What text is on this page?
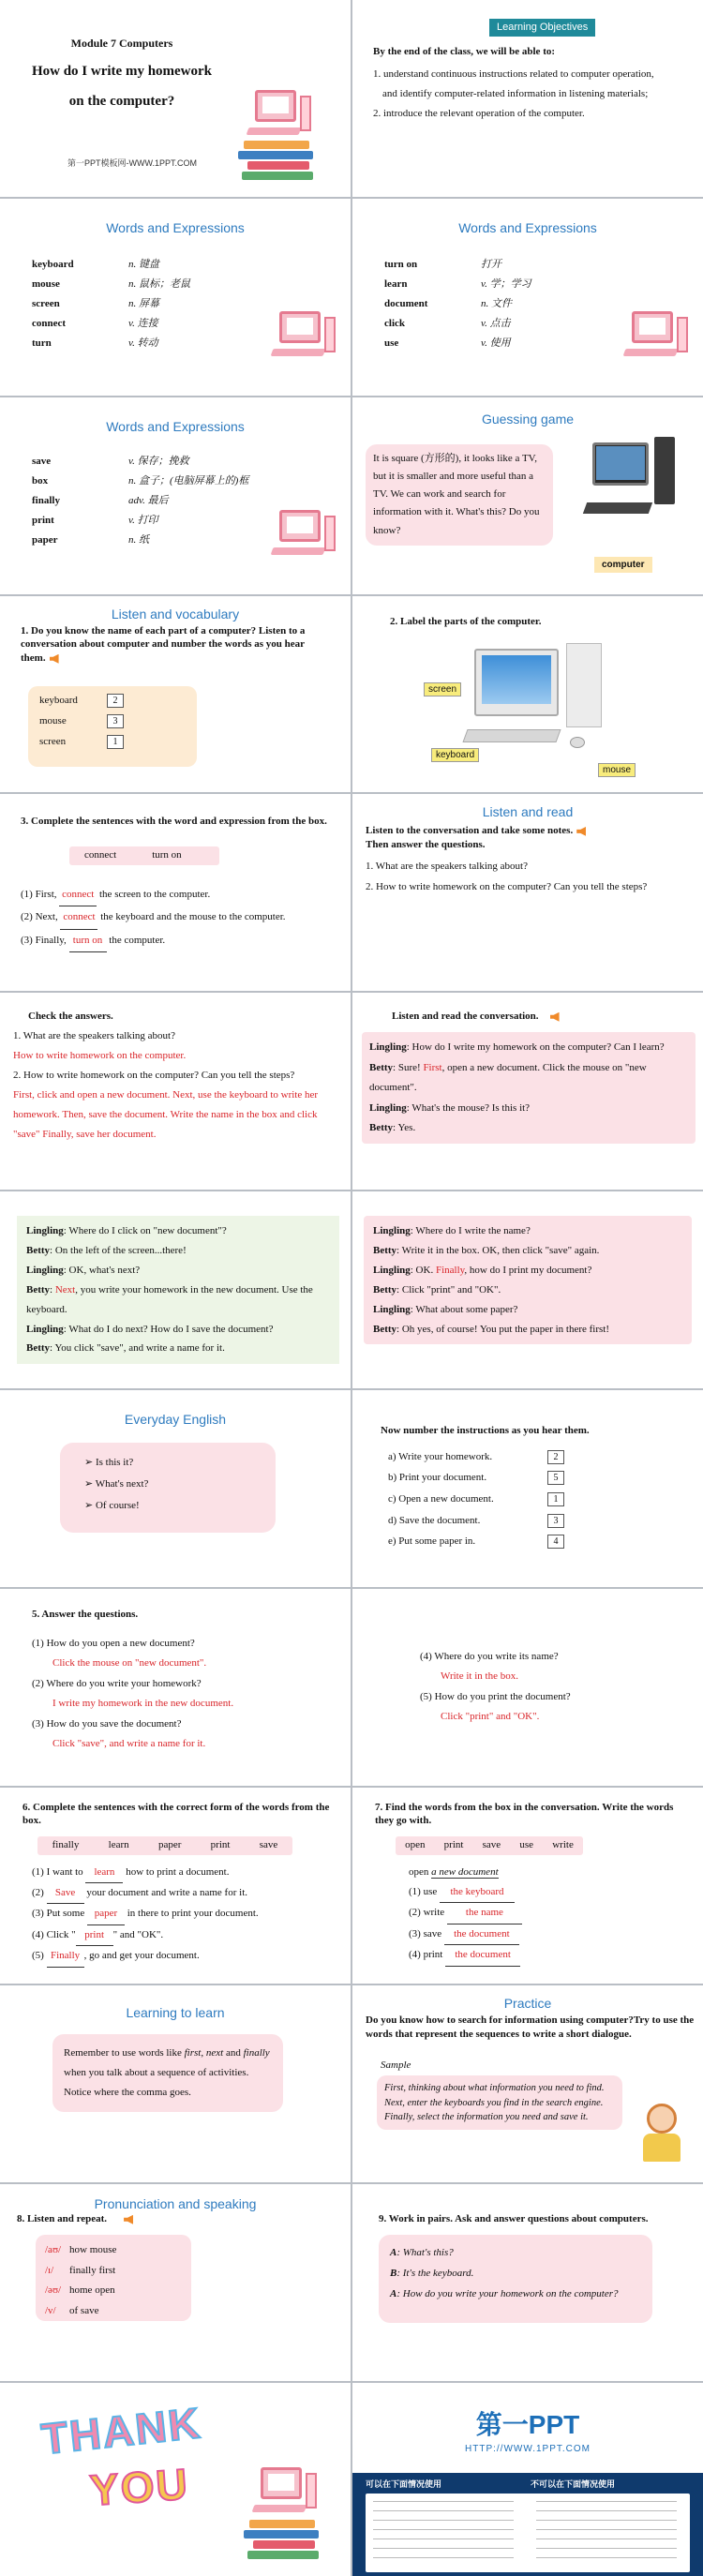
Module 7 Computers
How do I write my homework
on the computer?
第一PPT模板网-WWW.1PPT.COM
Learning Objectives
By the end of the class, we will be able to:
1. understand continuous instructions related to computer operation,
and identify computer-related information in listening materials;
2. introduce the relevant operation of the computer.
Words and Expressions
keyboard	n. 键盘
mouse	n. 鼠标；老鼠
screen	n. 屏幕
connect	v. 连接
turn	v. 转动
Words and Expressions
turn on	打开
learn	v. 学；学习
document	n. 文件
click	v. 点击
use	v. 使用
Words and Expressions
save	v. 保存；挽救
box	n. 盒子；(电脑屏幕上的)框
finally	adv. 最后
print	v. 打印
paper	n. 纸
Guessing game
It is square (方形的), it looks like a TV, but it is smaller and more useful than a TV. We can work and search for information with it. What's this? Do you know?
computer
Listen and vocabulary
1. Do you know the name of each part of a computer? Listen to a conversation about computer and number the words as you hear them.
keyboard	2
mouse	3
screen	1
2. Label the parts of the computer.
screen
keyboard
mouse
3. Complete the sentences with the word and expression from the box.
connect	turn on
(1) First, connect the screen to the computer.
(2) Next, connect the keyboard and the mouse to the computer.
(3) Finally, turn on the computer.
Listen and read
Listen to the conversation and take some notes.
Then answer the questions.
1. What are the speakers talking about?
2. How to write homework on the computer? Can you tell the steps?
Check the answers.
1. What are the speakers talking about?
How to write homework on the computer.
2. How to write homework on the computer? Can you tell the steps?
First, click and open a new document. Next, use the keyboard to write her homework. Then, save the document. Write the name in the box and click "save" Finally, save her document.
Listen and read the conversation.
Lingling: How do I write my homework on the computer? Can I learn?
Betty: Sure! First, open a new document. Click the mouse on "new document".
Lingling: What's the mouse? Is this it?
Betty: Yes.
Lingling: Where do I click on "new document"?
Betty: On the left of the screen...there!
Lingling: OK, what's next?
Betty: Next, you write your homework in the new document. Use the keyboard.
Lingling: What do I do next? How do I save the document?
Betty: You click "save", and write a name for it.
Lingling: Where do I write the name?
Betty: Write it in the box. OK, then click "save" again.
Lingling: OK. Finally, how do I print my document?
Betty: Click "print" and "OK".
Lingling: What about some paper?
Betty: Oh yes, of course! You put the paper in there first!
Everyday English
➢ Is this it?
➢ What's next?
➢ Of course!
Now number the instructions as you hear them.
a) Write your homework.	2
b) Print your document.	5
c) Open a new document.	1
d) Save the document.	3
e) Put some paper in.	4
5. Answer the questions.
(1) How do you open a new document?
Click the mouse on "new document".
(2) Where do you write your homework?
I write my homework in the new document.
(3) How do you save the document?
Click "save", and write a name for it.
(4) Where do you write its name?
Write it in the box.
(5) How do you print the document?
Click "print" and "OK".
6. Complete the sentences with the correct form of the words from the box.
finally	learn	paper	print	save
(1) I want to learn how to print a document.
(2) Save your document and write a name for it.
(3) Put some paper in there to print your document.
(4) Click " print " and "OK".
(5) Finally , go and get your document.
7. Find the words from the box in the conversation. Write the words they go with.
open print save use write
open a new document
(1) use the keyboard
(2) write the name
(3) save the document
(4) print the document
Learning to learn
Remember to use words like first, next and finally when you talk about a sequence of activities. Notice where the comma goes.
Practice
Do you know how to search for information using computer?Try to use the words that represent the sequences to write a short dialogue.
Sample
First, thinking about what information you need to find. Next, enter the keyboards you find in the search engine. Finally, select the information you need and save it.
Pronunciation and speaking
8. Listen and repeat.
/aʊ/ how mouse
/ɪ/ finally first
/əʊ/ home open
/v/ of save
9. Work in pairs. Ask and answer questions about computers.
A: What's this?
B: It's the keyboard.
A: How do you write your homework on the computer?
THANK
YOU
第一PPT
HTTP://WWW.1PPT.COM
可以在下面情况使用	不可以在下面情况使用
